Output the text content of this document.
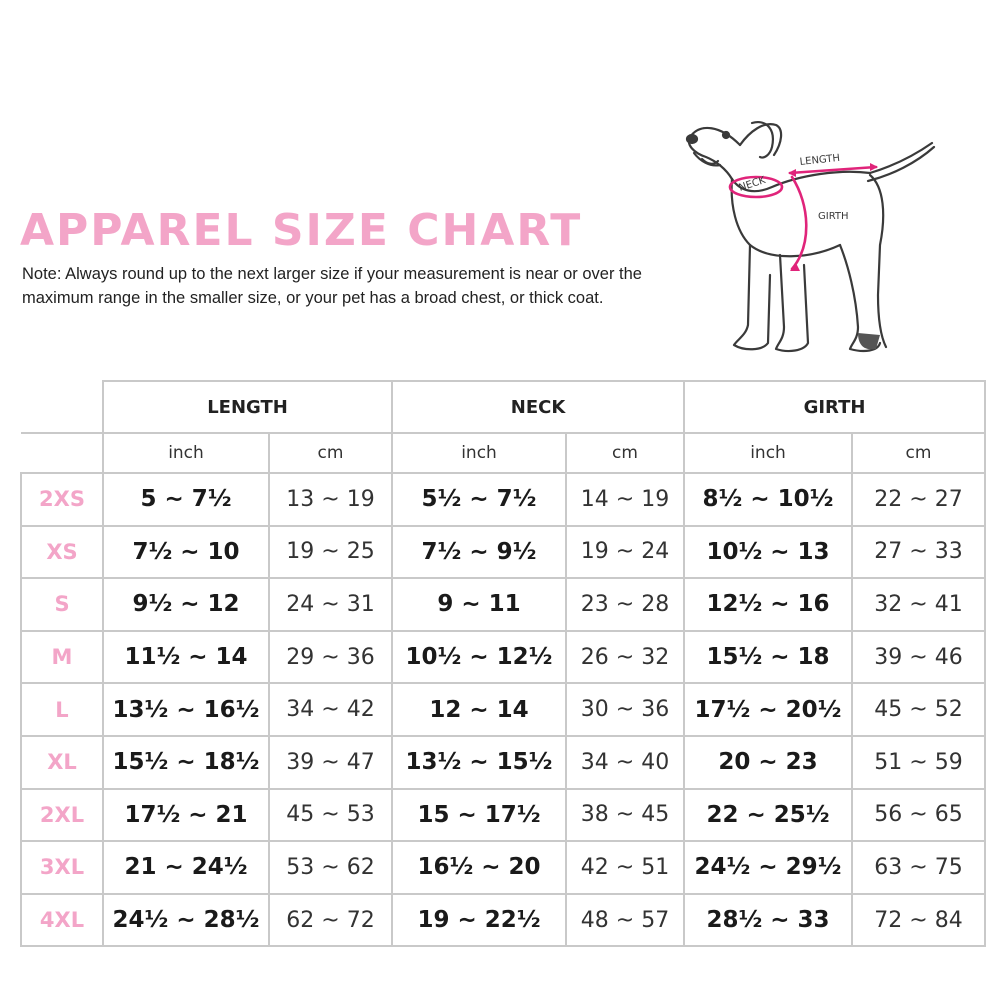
APPAREL SIZE CHART
Note: Always round up to the next larger size if your measurement is near or over the maximum range in the smaller size, or your pet has a broad chest, or thick coat.
NECK
LENGTH
GIRTH
	LENGTH		NECK		GIRTH	
	inch	cm	inch	cm	inch	cm
2XS	5 ~ 7½	13 ~ 19	5½ ~ 7½	14 ~ 19	8½ ~ 10½	22 ~ 27
XS	7½ ~ 10	19 ~ 25	7½ ~ 9½	19 ~ 24	10½ ~ 13	27 ~ 33
S	9½ ~ 12	24 ~ 31	9 ~ 11	23 ~ 28	12½ ~ 16	32 ~ 41
M	11½ ~ 14	29 ~ 36	10½ ~ 12½	26 ~ 32	15½ ~ 18	39 ~ 46
L	13½ ~ 16½	34 ~ 42	12 ~ 14	30 ~ 36	17½ ~ 20½	45 ~ 52
XL	15½ ~ 18½	39 ~ 47	13½ ~ 15½	34 ~ 40	20 ~ 23	51 ~ 59
2XL	17½ ~ 21	45 ~ 53	15 ~ 17½	38 ~ 45	22 ~ 25½	56 ~ 65
3XL	21 ~ 24½	53 ~ 62	16½ ~ 20	42 ~ 51	24½ ~ 29½	63 ~ 75
4XL	24½ ~ 28½	62 ~ 72	19 ~ 22½	48 ~ 57	28½ ~ 33	72 ~ 84
